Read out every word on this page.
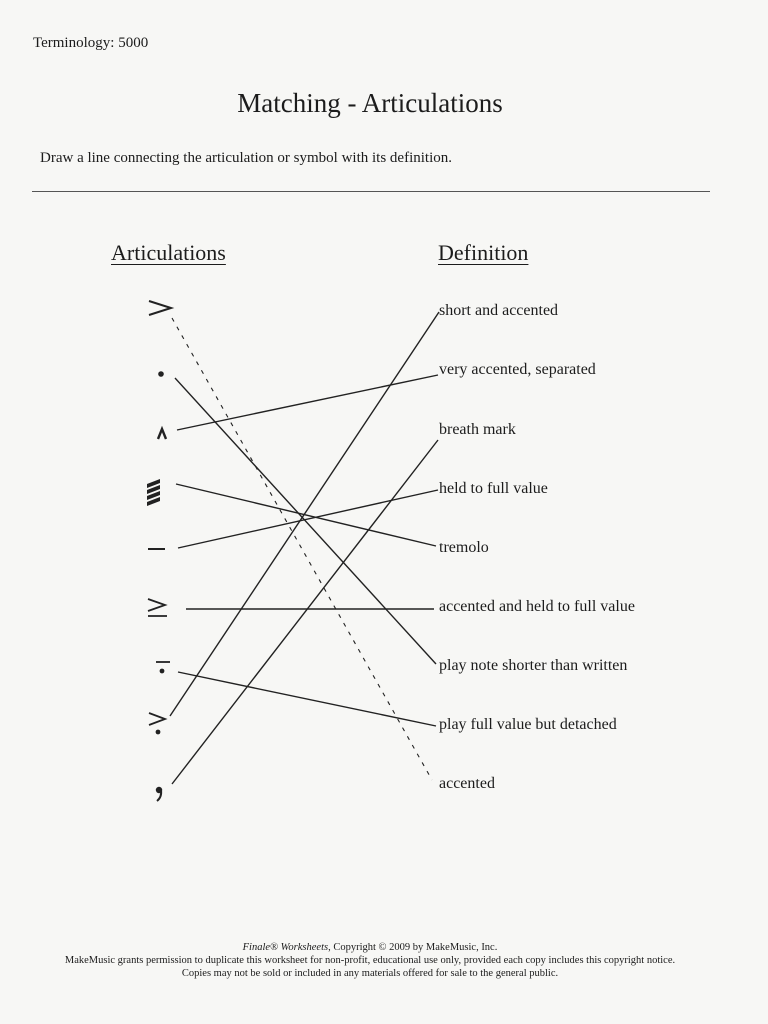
Terminology: 5000
Matching - Articulations
Draw a line connecting the articulation or symbol with its definition.
Articulations	Definition
short and accented
very accented, separated
breath mark
held to full value
tremolo
accented and held to full value
play note shorter than written
play full value but detached
accented
Finale® Worksheets, Copyright © 2009 by MakeMusic, Inc.
MakeMusic grants permission to duplicate this worksheet for non-profit, educational use only, provided each copy includes this copyright notice.
Copies may not be sold or included in any materials offered for sale to the general public.
